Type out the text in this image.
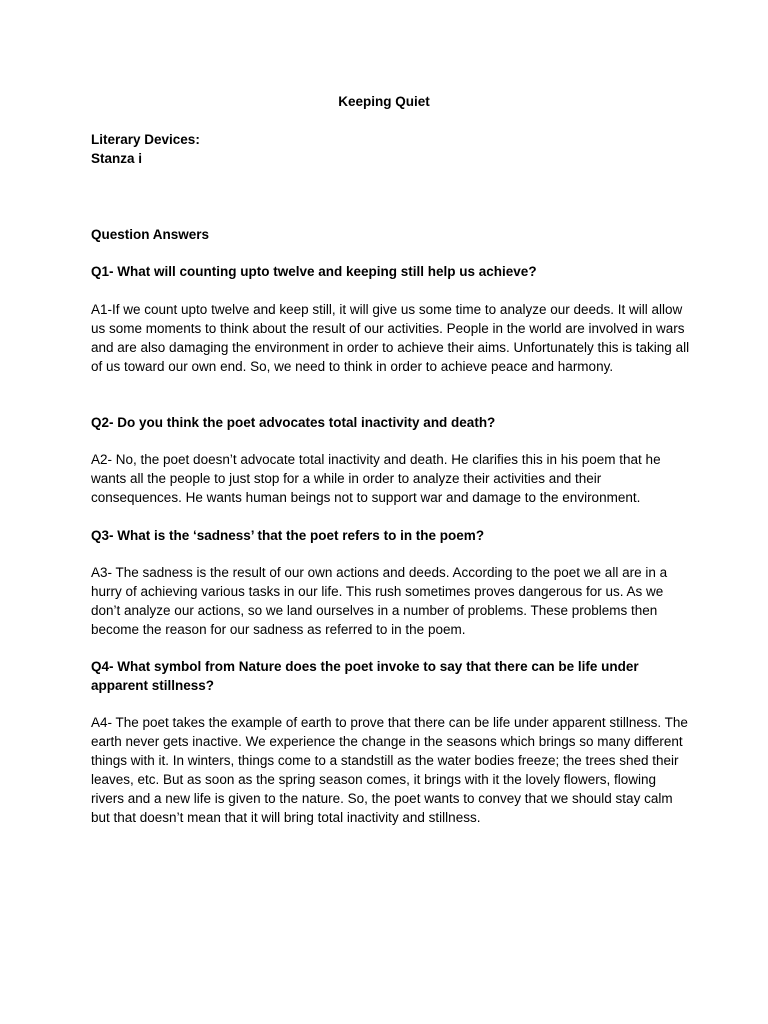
Keeping Quiet

Literary Devices:

Stanza i

Question Answers

Q1- What will counting upto twelve and keeping still help us achieve?

A1-If we count upto twelve and keep still, it will give us some time to analyze our deeds. It will allow us some moments to think about the result of our activities. People in the world are involved in wars and are also damaging the environment in order to achieve their aims. Unfortunately this is taking all of us toward our own end. So, we need to think in order to achieve peace and harmony.

Q2- Do you think the poet advocates total inactivity and death?

A2- No, the poet doesn’t advocate total inactivity and death. He clarifies this in his poem that he wants all the people to just stop for a while in order to analyze their activities and their consequences. He wants human beings not to support war and damage to the environment.

Q3- What is the ‘sadness’ that the poet refers to in the poem?

A3- The sadness is the result of our own actions and deeds. According to the poet we all are in a hurry of achieving various tasks in our life. This rush sometimes proves dangerous for us. As we don’t analyze our actions, so we land ourselves in a number of problems. These problems then become the reason for our sadness as referred to in the poem.

Q4- What symbol from Nature does the poet invoke to say that there can be life under apparent stillness?

A4- The poet takes the example of earth to prove that there can be life under apparent stillness. The earth never gets inactive. We experience the change in the seasons which brings so many different things with it. In winters, things come to a standstill as the water bodies freeze; the trees shed their leaves, etc. But as soon as the spring season comes, it brings with it the lovely flowers, flowing rivers and a new life is given to the nature. So, the poet wants to convey that we should stay calm but that doesn’t mean that it will bring total inactivity and stillness.
